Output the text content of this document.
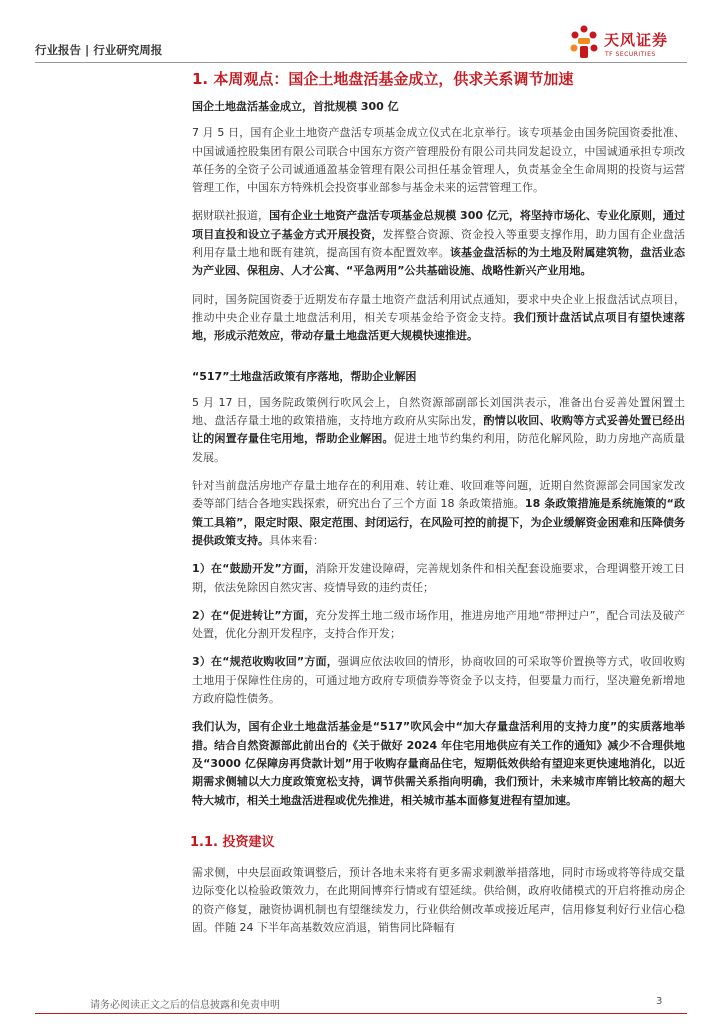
行业报告 | 行业研究周报
天风证券
TF SECURITIES
1. 本周观点：国企土地盘活基金成立，供求关系调节加速

国企土地盘活基金成立，首批规模 300 亿

7 月 5 日，国有企业土地资产盘活专项基金成立仪式在北京举行。该专项基金由国务院国资委批准、中国诚通控股集团有限公司联合中国东方资产管理股份有限公司共同发起设立，中国诚通承担专项改革任务的全资子公司诚通通盈基金管理有限公司担任基金管理人，负责基金全生命周期的投资与运营管理工作，中国东方特殊机会投资事业部参与基金未来的运营管理工作。

据财联社报道，国有企业土地资产盘活专项基金总规模 300 亿元，将坚持市场化、专业化原则，通过项目直投和设立子基金方式开展投资，发挥整合资源、资金投入等重要支撑作用，助力国有企业盘活利用存量土地和既有建筑，提高国有资本配置效率。该基金盘活标的为土地及附属建筑物，盘活业态为产业园、保租房、人才公寓、“平急两用”公共基础设施、战略性新兴产业用地。

同时，国务院国资委于近期发布存量土地资产盘活利用试点通知，要求中央企业上报盘活试点项目，推动中央企业存量土地盘活利用，相关专项基金给予资金支持。我们预计盘活试点项目有望快速落地，形成示范效应，带动存量土地盘活更大规模快速推进。

“517”土地盘活政策有序落地，帮助企业解困

5 月 17 日，国务院政策例行吹风会上，自然资源部副部长刘国洪表示，准备出台妥善处置闲置土地、盘活存量土地的政策措施，支持地方政府从实际出发，酌情以收回、收购等方式妥善处置已经出让的闲置存量住宅用地，帮助企业解困。促进土地节约集约利用，防范化解风险，助力房地产高质量发展。

针对当前盘活房地产存量土地存在的利用难、转让难、收回难等问题，近期自然资源部会同国家发改委等部门结合各地实践探索，研究出台了三个方面 18 条政策措施。18 条政策措施是系统施策的“政策工具箱”，限定时限、限定范围、封闭运行，在风险可控的前提下，为企业缓解资金困难和压降债务提供政策支持。具体来看：

1）在“鼓励开发”方面，消除开发建设障碍，完善规划条件和相关配套设施要求，合理调整开竣工日期，依法免除因自然灾害、疫情导致的违约责任；

2）在“促进转让”方面，充分发挥土地二级市场作用，推进房地产用地“带押过户”，配合司法及破产处置，优化分割开发程序，支持合作开发；

3）在“规范收购收回”方面，强调应依法收回的情形，协商收回的可采取等价置换等方式，收回收购土地用于保障性住房的，可通过地方政府专项债券等资金予以支持，但要量力而行，坚决避免新增地方政府隐性债务。

我们认为，国有企业土地盘活基金是“517”吹风会中“加大存量盘活利用的支持力度”的实质落地举措。结合自然资源部此前出台的《关于做好 2024 年住宅用地供应有关工作的通知》减少不合理供地及“3000 亿保障房再贷款计划”用于收购存量商品住宅，短期低效供给有望迎来更快速地消化，以近期需求侧辅以大力度政策宽松支持，调节供需关系指向明确，我们预计，未来城市库销比较高的超大特大城市，相关土地盘活进程或优先推进，相关城市基本面修复进程有望加速。

1.1. 投资建议

需求侧，中央层面政策调整后，预计各地未来将有更多需求刺激举措落地，同时市场或将等待成交量边际变化以检验政策效力，在此期间博弈行情或有望延续。供给侧，政府收储模式的开启将推动房企的资产修复，融资协调机制也有望继续发力，行业供给侧改革或接近尾声，信用修复利好行业信心稳固。伴随 24 下半年高基数效应消退，销售同比降幅有

请务必阅读正文之后的信息披露和免责申明	3
